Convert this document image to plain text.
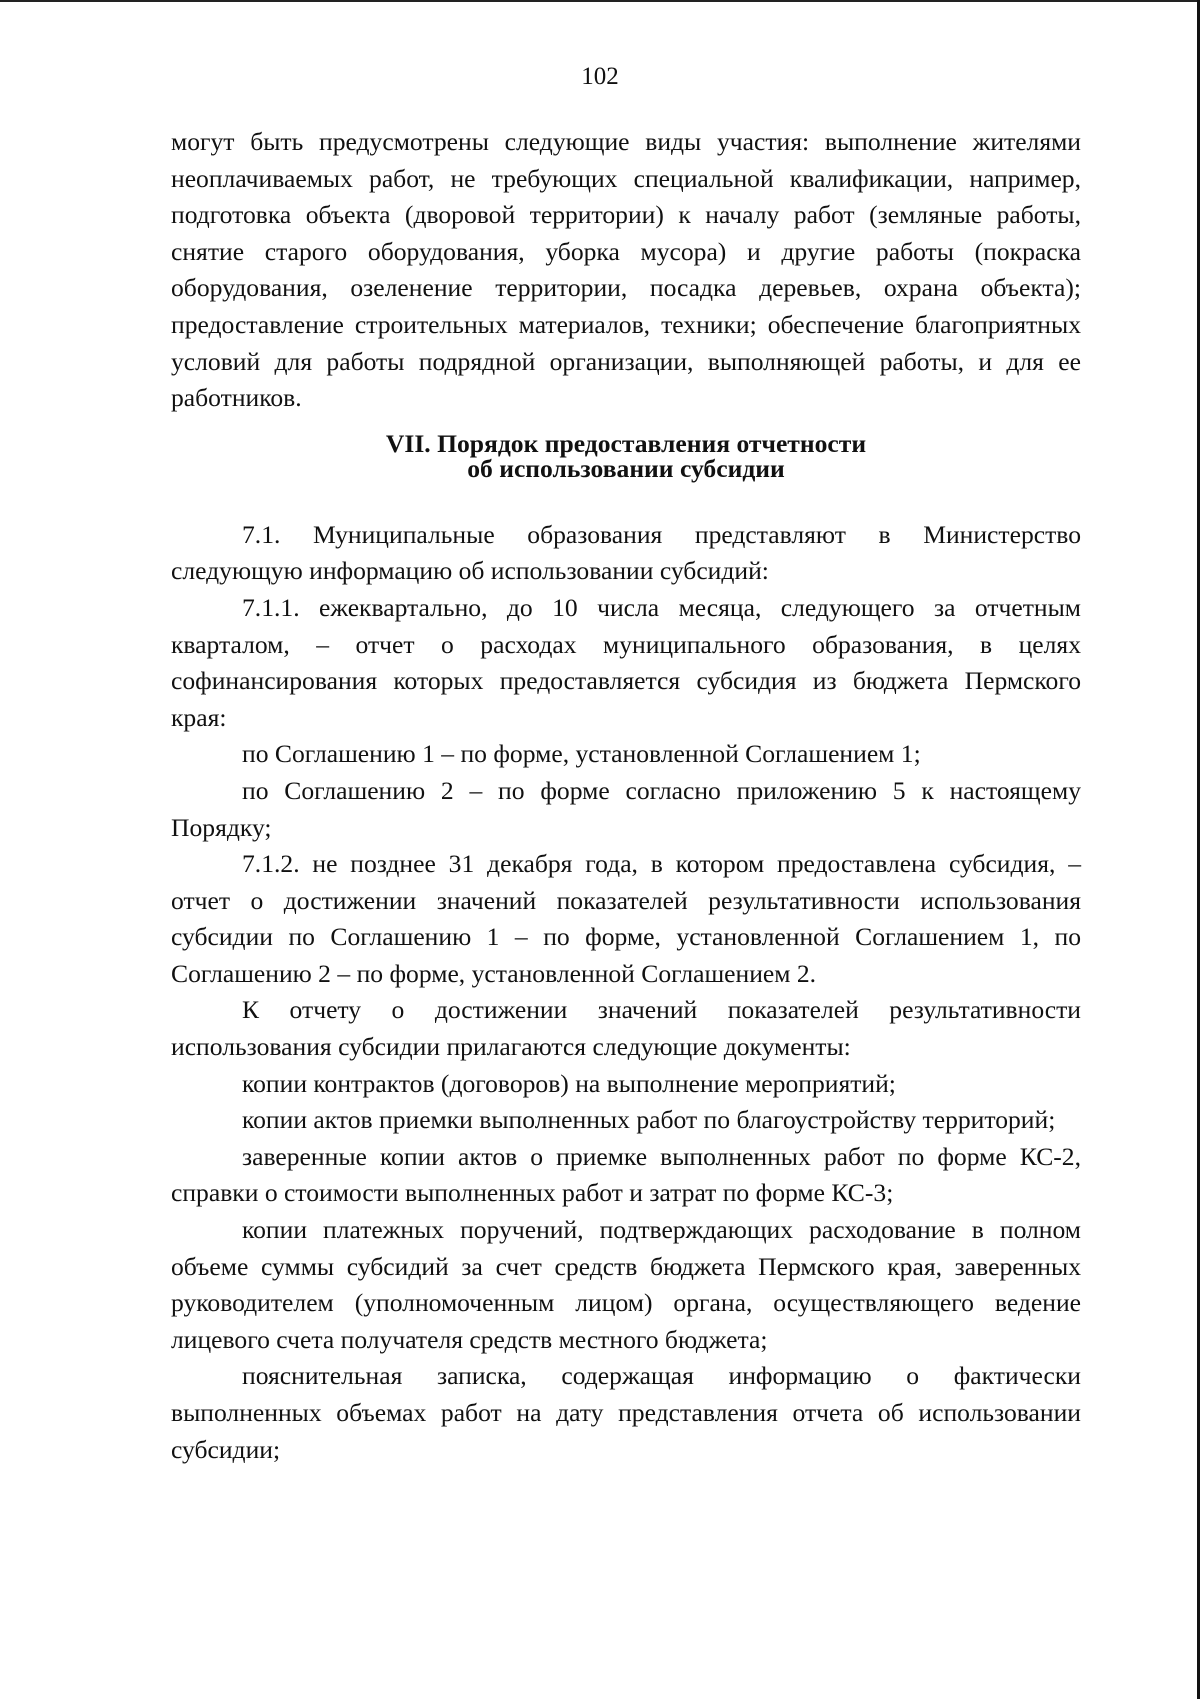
102

могут быть предусмотрены следующие виды участия: выполнение жителями неоплачиваемых работ, не требующих специальной квалификации, например, подготовка объекта (дворовой территории) к началу работ (земляные работы, снятие старого оборудования, уборка мусора) и другие работы (покраска оборудования, озеленение территории, посадка деревьев, охрана объекта); предоставление строительных материалов, техники; обеспечение благоприятных условий для работы подрядной организации, выполняющей работы, и для ее работников.

VII. Порядок предоставления отчетности
об использовании субсидии

7.1. Муниципальные образования представляют в Министерство следующую информацию об использовании субсидий:

7.1.1. ежеквартально, до 10 числа месяца, следующего за отчетным кварталом, – отчет о расходах муниципального образования, в целях софинансирования которых предоставляется субсидия из бюджета Пермского края:

по Соглашению 1 – по форме, установленной Соглашением 1;

по Соглашению 2 – по форме согласно приложению 5 к настоящему Порядку;

7.1.2. не позднее 31 декабря года, в котором предоставлена субсидия, – отчет о достижении значений показателей результативности использования субсидии по Соглашению 1 – по форме, установленной Соглашением 1, по Соглашению 2 – по форме, установленной Соглашением 2.

К отчету о достижении значений показателей результативности использования субсидии прилагаются следующие документы:

копии контрактов (договоров) на выполнение мероприятий;

копии актов приемки выполненных работ по благоустройству территорий;

заверенные копии актов о приемке выполненных работ по форме КС-2, справки о стоимости выполненных работ и затрат по форме КС-3;

копии платежных поручений, подтверждающих расходование в полном объеме суммы субсидий за счет средств бюджета Пермского края, заверенных руководителем (уполномоченным лицом) органа, осуществляющего ведение лицевого счета получателя средств местного бюджета;

пояснительная записка, содержащая информацию о фактически выполненных объемах работ на дату представления отчета об использовании субсидии;
